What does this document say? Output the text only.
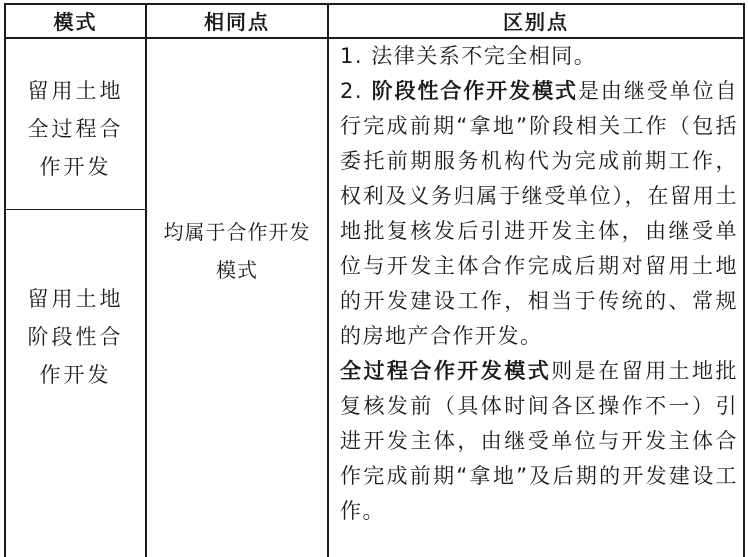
模式	相同点	区别点
留用土地
全过程合
作开发
留用土地
阶段性合
作开发
均属于合作开发
模式

1. 法律关系不完全相同。

2. 阶段性合作开发模式是由继受单位自行完成前期“拿地”阶段相关工作（包括委托前期服务机构代为完成前期工作，权利及义务归属于继受单位），在留用土地批复核发后引进开发主体，由继受单位与开发主体合作完成后期对留用土地的开发建设工作，相当于传统的、常规的房地产合作开发。

全过程合作开发模式则是在留用土地批复核发前（具体时间各区操作不一）引进开发主体，由继受单位与开发主体合作完成前期“拿地”及后期的开发建设工作。
